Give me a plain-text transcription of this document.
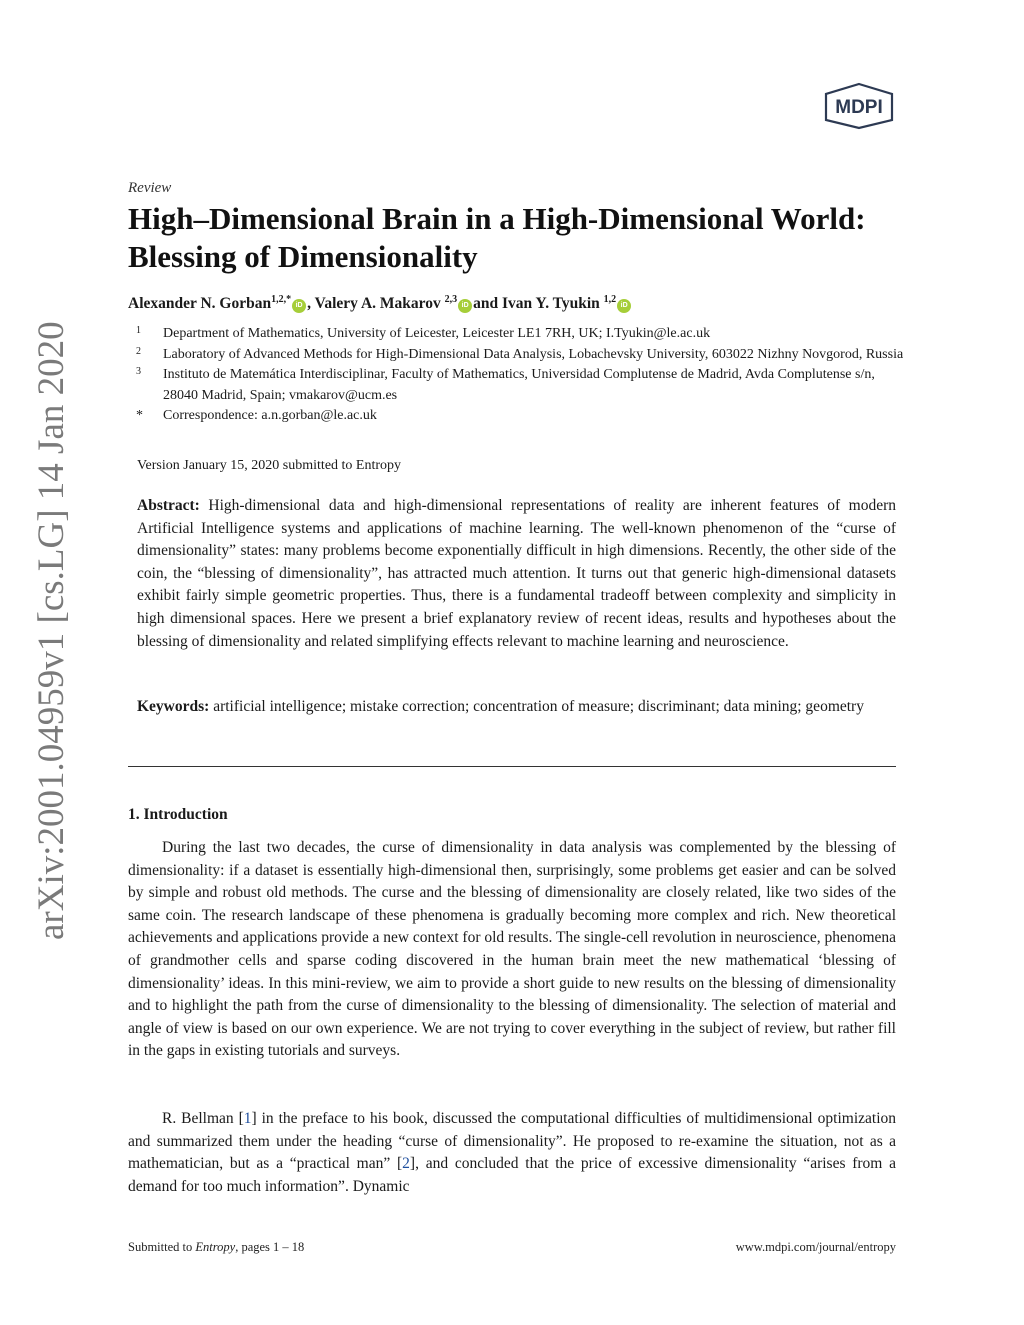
arXiv:2001.04959v1 [cs.LG] 14 Jan 2020
MDPI
Review
High–Dimensional Brain in a High-Dimensional World:
Blessing of Dimensionality
Alexander N. Gorban$^{1,2,*}$iD , Valery A. Makarov $^{2,3}$iD and Ivan Y. Tyukin $^{1,2}$iD
1 Department of Mathematics, University of Leicester, Leicester LE1 7RH, UK; I.Tyukin@le.ac.uk
2 Laboratory of Advanced Methods for High-Dimensional Data Analysis, Lobachevsky University, 603022 Nizhny Novgorod, Russia
3 Instituto de Matemática Interdisciplinar, Faculty of Mathematics, Universidad Complutense de Madrid, Avda Complutense s/n, 28040 Madrid, Spain; vmakarov@ucm.es
* Correspondence: a.n.gorban@le.ac.uk
Version January 15, 2020 submitted to Entropy
Abstract: High-dimensional data and high-dimensional representations of reality are inherent features of modern Artificial Intelligence systems and applications of machine learning. The well-known phenomenon of the “curse of dimensionality” states: many problems become exponentially difficult in high dimensions. Recently, the other side of the coin, the “blessing of dimensionality”, has attracted much attention. It turns out that generic high-dimensional datasets exhibit fairly simple geometric properties. Thus, there is a fundamental tradeoff between complexity and simplicity in high dimensional spaces. Here we present a brief explanatory review of recent ideas, results and hypotheses about the blessing of dimensionality and related simplifying effects relevant to machine learning and neuroscience.
Keywords: artificial intelligence; mistake correction; concentration of measure; discriminant; data mining; geometry
1. Introduction
During the last two decades, the curse of dimensionality in data analysis was complemented by the blessing of dimensionality: if a dataset is essentially high-dimensional then, surprisingly, some problems get easier and can be solved by simple and robust old methods. The curse and the blessing of dimensionality are closely related, like two sides of the same coin. The research landscape of these phenomena is gradually becoming more complex and rich. New theoretical achievements and applications provide a new context for old results. The single-cell revolution in neuroscience, phenomena of grandmother cells and sparse coding discovered in the human brain meet the new mathematical ‘blessing of dimensionality’ ideas. In this mini-review, we aim to provide a short guide to new results on the blessing of dimensionality and to highlight the path from the curse of dimensionality to the blessing of dimensionality. The selection of material and angle of view is based on our own experience. We are not trying to cover everything in the subject of review, but rather fill in the gaps in existing tutorials and surveys.
R. Bellman [1] in the preface to his book, discussed the computational difficulties of multidimensional optimization and summarized them under the heading “curse of dimensionality”. He proposed to re-examine the situation, not as a mathematician, but as a “practical man” [2], and concluded that the price of excessive dimensionality “arises from a demand for too much information”. Dynamic
Submitted to Entropy, pages 1 – 18	www.mdpi.com/journal/entropy
